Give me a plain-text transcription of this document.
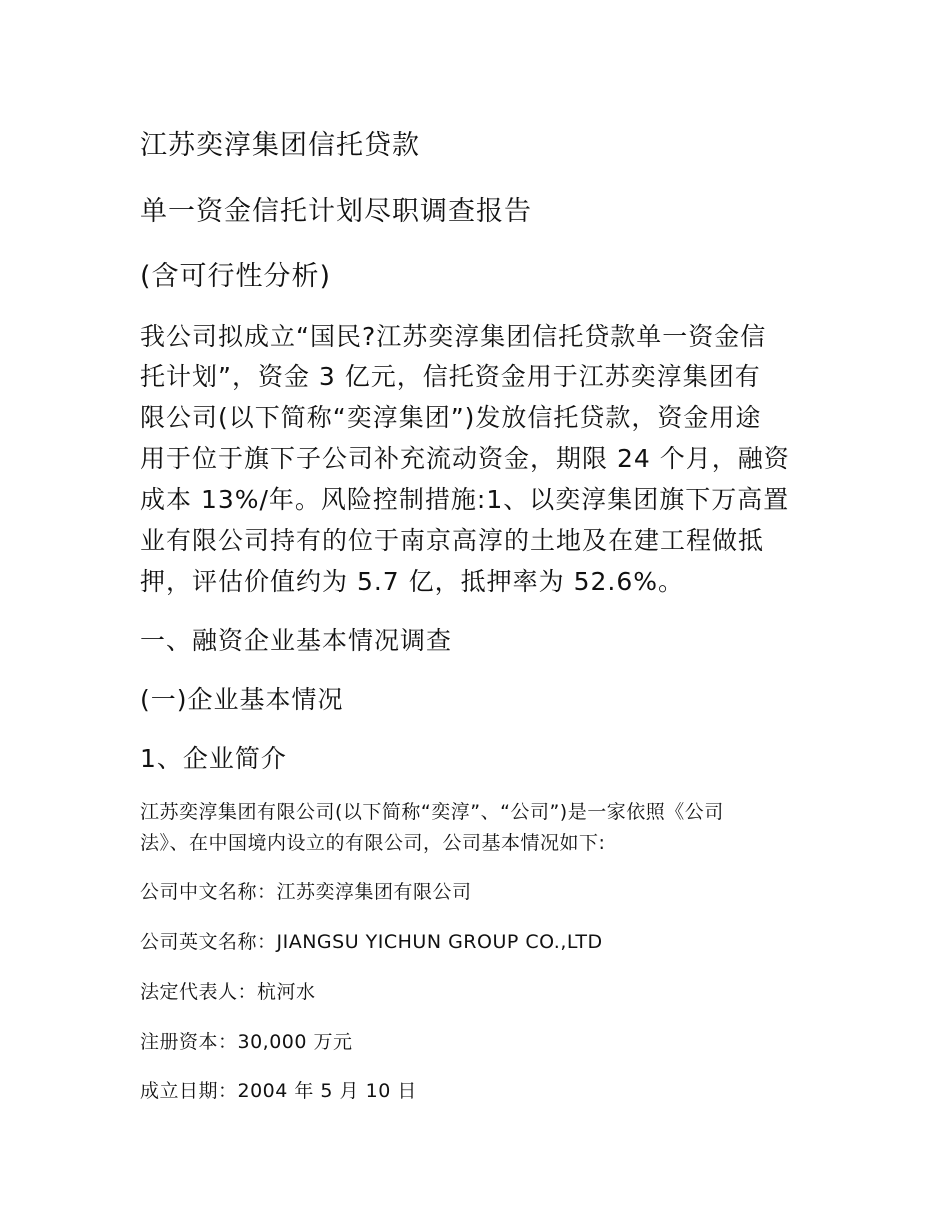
江苏奕淳集团信托贷款
单一资金信托计划尽职调查报告
(含可行性分析)

我公司拟成立“国民?江苏奕淳集团信托贷款单一资金信

托计划”，资金 3 亿元，信托资金用于江苏奕淳集团有

限公司(以下简称“奕淳集团”)发放信托贷款，资金用途

用于位于旗下子公司补充流动资金，期限 24 个月，融资

成本 13%/年。风险控制措施:1、以奕淳集团旗下万高置

业有限公司持有的位于南京高淳的土地及在建工程做抵

押，评估价值约为 5.7 亿，抵押率为 52.6%。

一、融资企业基本情况调查
(一)企业基本情况
1、企业简介

江苏奕淳集团有限公司(以下简称“奕淳”、“公司”)是一家依照《公司

法》、在中国境内设立的有限公司，公司基本情况如下:

公司中文名称：江苏奕淳集团有限公司

公司英文名称：JIANGSU YICHUN GROUP CO.,LTD

法定代表人：杭河水

注册资本：30,000 万元

成立日期：2004 年 5 月 10 日
